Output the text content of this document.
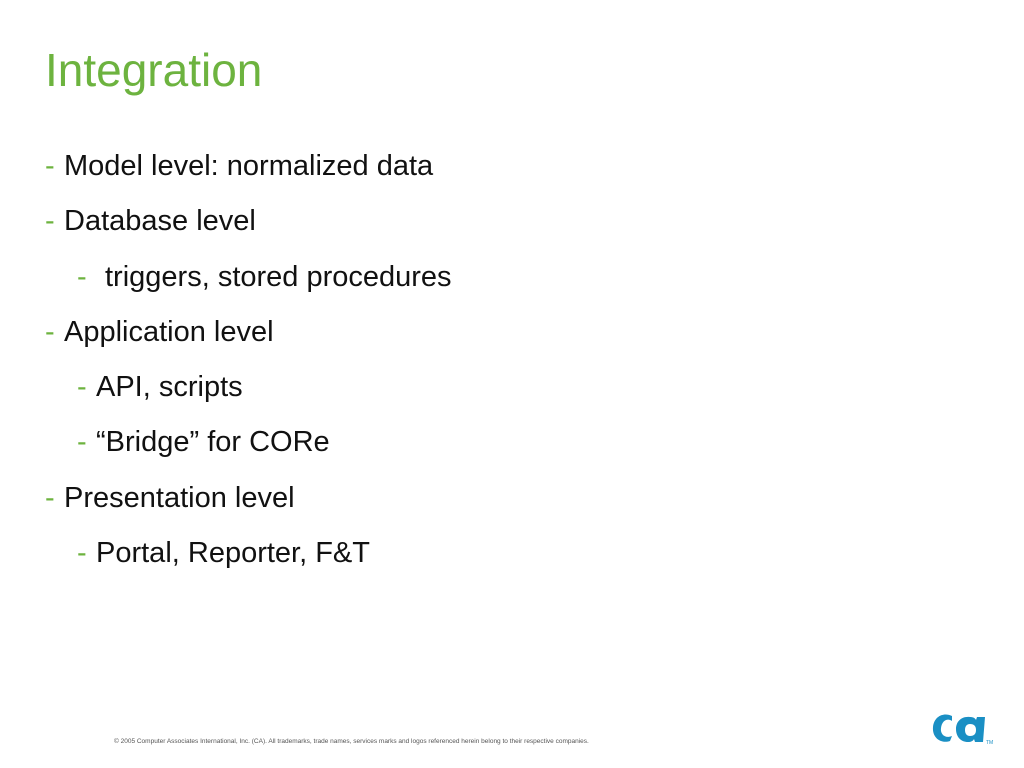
Integration
- Model level: normalized data
- Database level
- triggers, stored procedures
- Application level
- API, scripts
- “Bridge” for CORe
- Presentation level
- Portal, Reporter, F&T
© 2005 Computer Associates International, Inc. (CA). All trademarks, trade names, services marks and logos referenced herein belong to their respective companies.	TM
